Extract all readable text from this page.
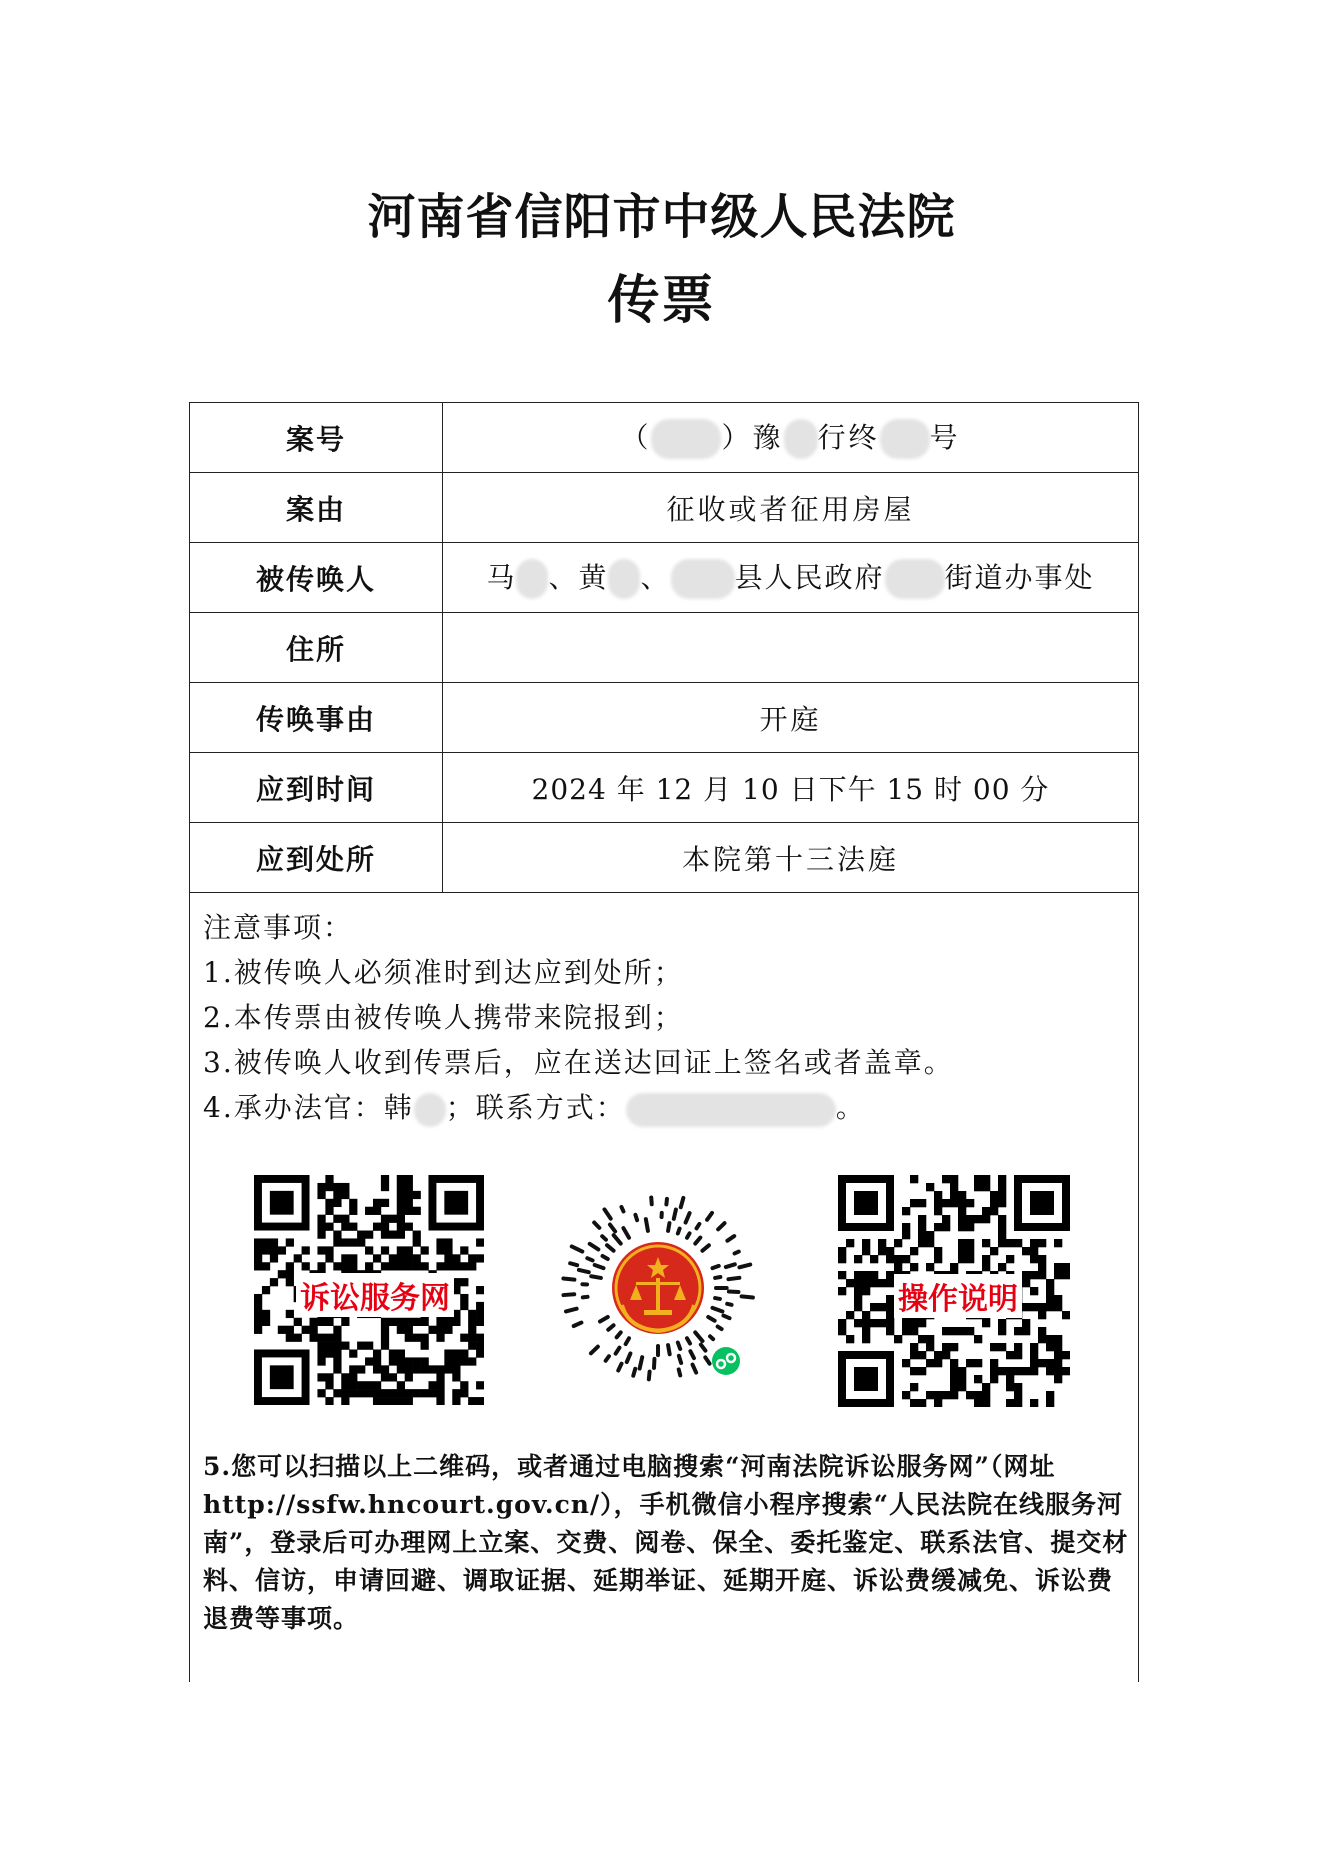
河南省信阳市中级人民法院
传票
案号	（ ）豫 行终 号
案由	征收或者征用房屋
被传唤人	马 、黄 、 县人民政府 街道办事处
住所	
传唤事由	开庭
应到时间	2024 年 12 月 10 日下午 15 时 00 分
应到处所	本院第十三法庭
注意事项：
1.被传唤人必须准时到达应到处所；
2.本传票由被传唤人携带来院报到；
3.被传唤人收到传票后，应在送达回证上签名或者盖章。
4.承办法官：韩 ；联系方式：	。
诉讼服务网	操作说明
5.您可以扫描以上二维码，或者通过电脑搜索“河南法院诉讼服务网”（网址 http://ssfw.hncourt.gov.cn/），手机微信小程序搜索“人民法院在线服务河南”，登录后可办理网上立案、交费、阅卷、保全、委托鉴定、联系法官、提交材料、信访，申请回避、调取证据、延期举证、延期开庭、诉讼费缓减免、诉讼费退费等事项。
